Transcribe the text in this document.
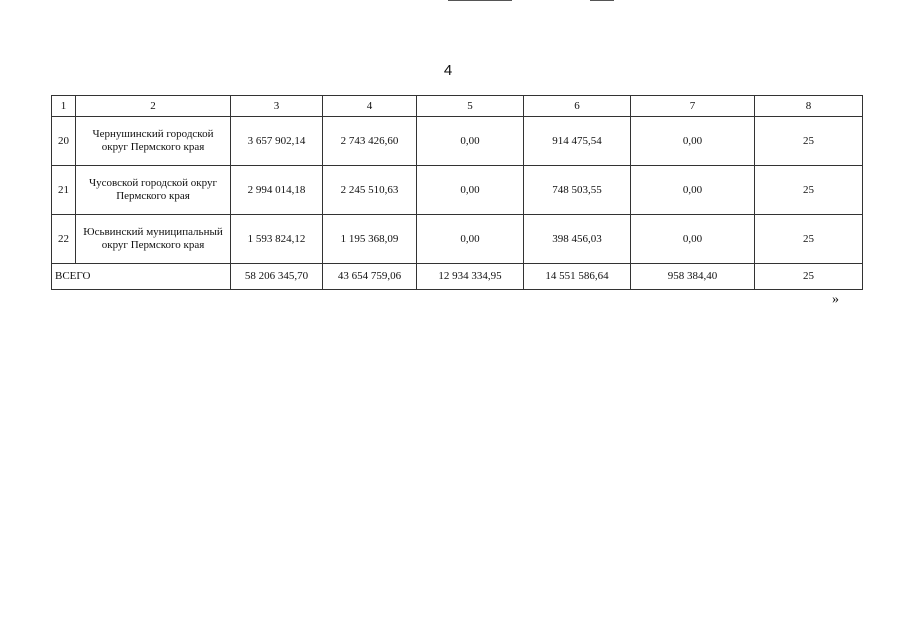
4
1	2	3	4	5	6	7	8
20	Чернушинский городской округ Пермского края	3 657 902,14	2 743 426,60	0,00	914 475,54	0,00	25
21	Чусовской городской округ Пермского края	2 994 014,18	2 245 510,63	0,00	748 503,55	0,00	25
22	Юсьвинский муниципальный округ Пермского края	1 593 824,12	1 195 368,09	0,00	398 456,03	0,00	25
ВСЕГО		58 206 345,70	43 654 759,06	12 934 334,95	14 551 586,64	958 384,40	25
»
